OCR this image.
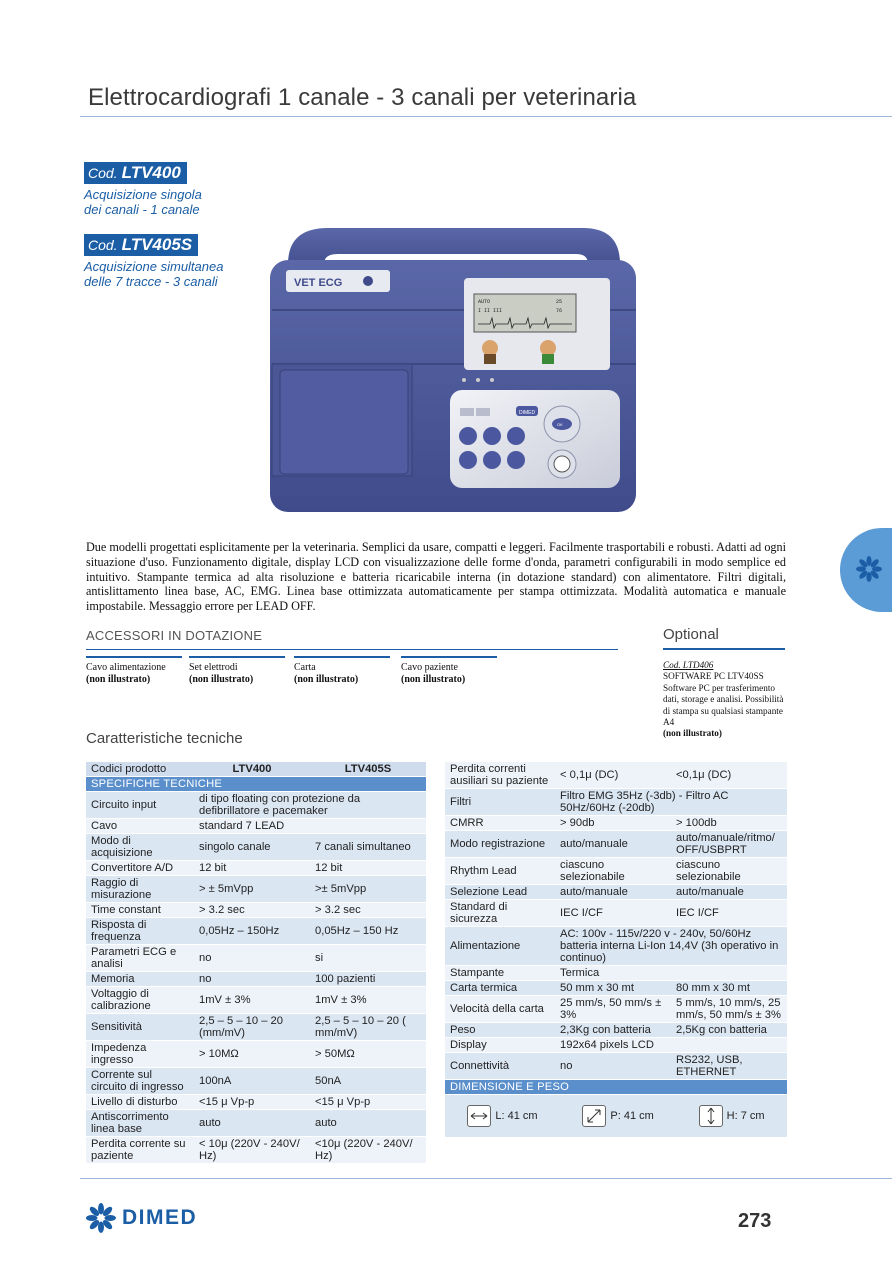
Elettrocardiografi 1 canale - 3 canali per veterinaria
Cod. LTV400
Acquisizione singola
dei canali - 1 canale
Cod. LTV405S
Acquisizione simultanea
delle 7 tracce - 3 canali	VET ECG
AUTO	25
I II III	76
DIMED
OK
Due modelli progettati esplicitamente per la veterinaria. Semplici da usare, compatti e leggeri. Facilmente trasportabili e robusti. Adatti ad ogni situazione d'uso. Funzionamento digitale, display LCD con visualizzazione delle forme d'onda, parametri configurabili in modo semplice ed intuitivo. Stampante termica ad alta risoluzione e batteria ricaricabile interna (in dotazione standard) con alimentatore. Filtri digitali, antislittamento linea base, AC, EMG. Linea base ottimizzata automaticamente per stampa ottimizzata. Modalità automatica e manuale impostabile. Messaggio errore per LEAD OFF.
ACCESSORI IN DOTAZIONE
Cavo alimentazione
(non illustrato)
Set elettrodi
(non illustrato)
Carta
(non illustrato)
Cavo paziente
(non illustrato)
Optional
Cod. LTD406
SOFTWARE PC LTV40SS
Software PC per trasferimento dati, storage e analisi. Possibilità di stampa su qualsiasi stampante A4
(non illustrato)
Caratteristiche tecniche
Codici prodotto	LTV400	LTV405S
SPECIFICHE TECNICHE		
Circuito input	di tipo floating con protezione da defibrillatore e pacemaker	
Cavo	standard 7 LEAD	
Modo di acquisizione	singolo canale	7 canali simultaneo
Convertitore A/D	12 bit	12 bit
Raggio di misurazione	> ± 5mVpp	>± 5mVpp
Time constant	> 3.2 sec	> 3.2 sec
Risposta di frequenza	0,05Hz – 150Hz	0,05Hz – 150 Hz
Parametri ECG e analisi	no	si
Memoria	no	100 pazienti
Voltaggio di calibrazione	1mV ± 3%	1mV ± 3%
Sensitività	2,5 – 5 – 10 – 20 (mm/mV)	2,5 – 5 – 10 – 20 ( mm/mV)
Impedenza ingresso	> 10MΩ	> 50MΩ
Corrente sul circuito di ingresso	100nA	50nA
Livello di disturbo	<15 μ Vp-p	<15 μ Vp-p
Antiscorrimento linea base	auto	auto
Perdita corrente su paziente	< 10μ (220V - 240V/ Hz)	<10μ (220V - 240V/ Hz)
Perdita correnti ausiliari su paziente	< 0,1μ (DC)	<0,1μ (DC)
Filtri	Filtro EMG 35Hz (-3db) - Filtro AC 50Hz/60Hz (-20db)	
CMRR	> 90db	> 100db
Modo registrazione	auto/manuale	auto/manuale/ritmo/ OFF/USBPRT
Rhythm Lead	ciascuno selezionabile	ciascuno selezionabile
Selezione Lead	auto/manuale	auto/manuale
Standard di sicurezza	IEC I/CF	IEC I/CF
Alimentazione	AC: 100v - 115v/220 v - 240v, 50/60Hz batteria interna Li-Ion 14,4V (3h operativo in continuo)	
Stampante	Termica	
Carta termica	50 mm x 30 mt	80 mm x 30 mt
Velocità della carta	25 mm/s, 50 mm/s ± 3%	5 mm/s, 10 mm/s, 25 mm/s, 50 mm/s ± 3%
Peso	2,3Kg con batteria	2,5Kg con batteria
Display	192x64 pixels LCD	
Connettività	no	RS232, USB, ETHERNET
DIMENSIONE E PESO
L: 41 cm	P: 41 cm	H: 7 cm
DIMED	273
